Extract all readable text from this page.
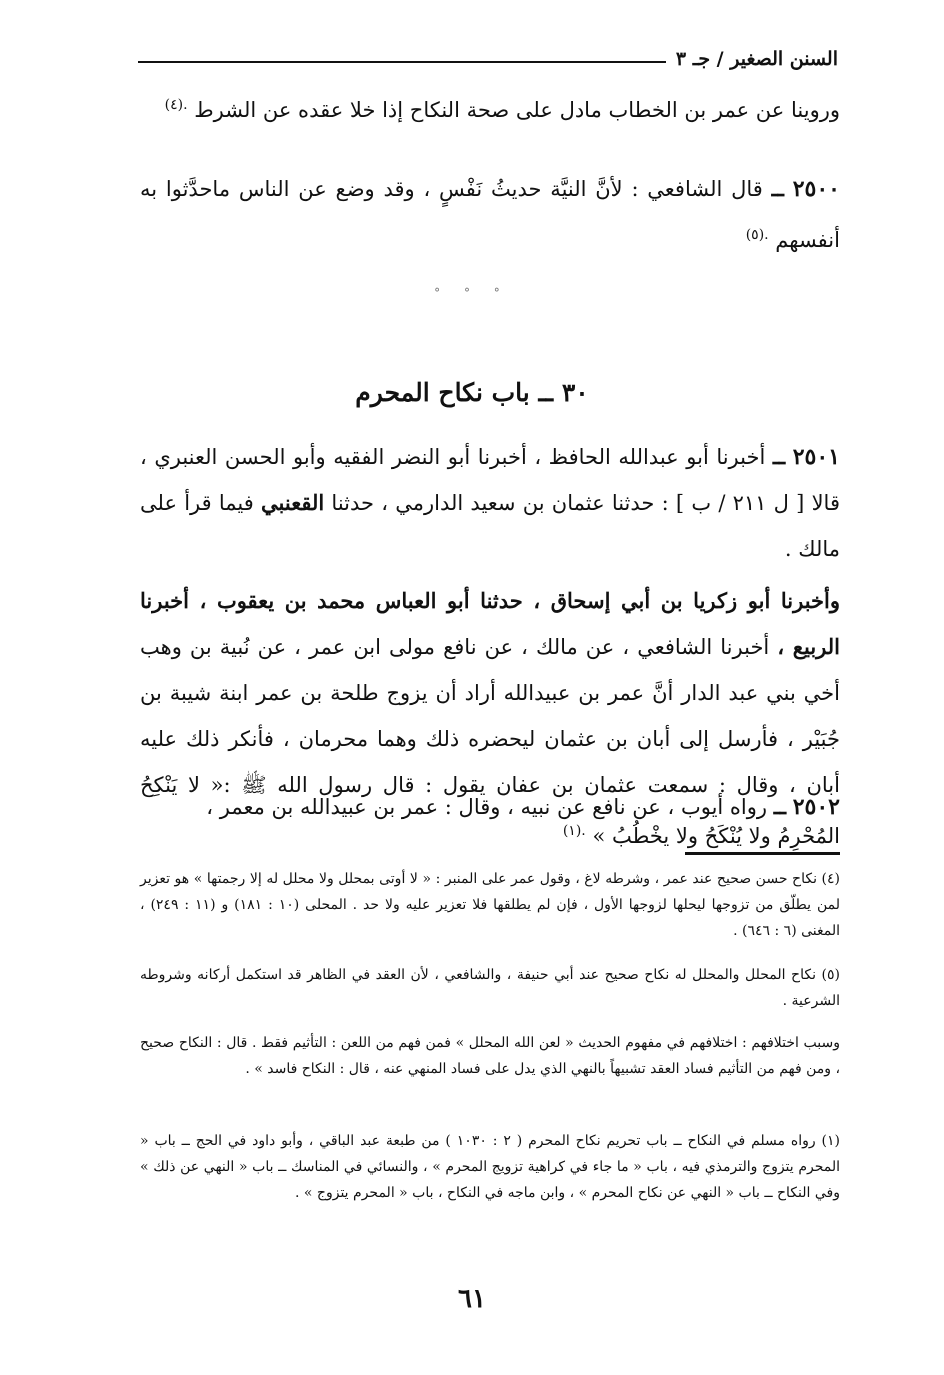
السنن الصغير / جـ ٣
وروينا عن عمر بن الخطاب مادل على صحة النكاح إذا خلا عقده عن الشرط $^{.(٤)}$
٢٥٠٠ ــ قال الشافعي : لأنَّ النيَّة حديثُ نَفْسٍ ، وقد وضع عن الناس ماحدَّثوا به أنفسهم $^{.(٥)}$
° ° °
٣٠ ــ باب نكاح المحرم
٢٥٠١ ــ أخبرنا أبو عبدالله الحافظ ، أخبرنا أبو النضر الفقيه وأبو الحسن العنبري ، قالا [ ل ٢١١ / ب ] : حدثنا عثمان بن سعيد الدارمي ، حدثنا القعنبي فيما قرأ على مالك .
وأخبرنا أبو زكريا بن أبي إسحاق ، حدثنا أبو العباس محمد بن يعقوب ، أخبرنا الربيع ، أخبرنا الشافعي ، عن مالك ، عن نافع مولى ابن عمر ، عن نُبية بن وهب أخي بني عبد الدار أنَّ عمر بن عبيدالله أراد أن يزوج طلحة بن عمر ابنة شيبة بن جُبَيْر ، فأرسل إلى أبان بن عثمان ليحضره ذلك وهما محرمان ، فأنكر ذلك عليه أبان ، وقال : سمعت عثمان بن عفان يقول : قال رسول الله ﷺ :« لا يَنْكِحُ المُحْرِمُ ولا يُنْكَحُ ولا يخْطُبُ » $^{.(١)}$
٢٥٠٢ ــ رواه أيوب ، عن نافع عن نبيه ، وقال : عمر بن عبيدالله بن معمر ،
(٤) نكاح حسن صحيح عند عمر ، وشرطه لاغ ، وقول عمر على المنبر : « لا أوتى بمحلل ولا محلل له إلا رجمتها » هو تعزير لمن يطلّق من تزوجها ليحلها لزوجها الأول ، فإن لم يطلقها فلا تعزير عليه ولا حد . المحلى (١٠ : ١٨١) و (١١ : ٢٤٩) ، المغنى (٦ : ٦٤٦) .
(٥) نكاح المحلل والمحلل له نكاح صحيح عند أبي حنيفة ، والشافعي ، لأن العقد في الظاهر قد استكمل أركانه وشروطه الشرعية .
وسبب اختلافهم : اختلافهم في مفهوم الحديث « لعن الله المحلل » فمن فهم من اللعن : التأثيم فقط . قال : النكاح صحيح ، ومن فهم من التأثيم فساد العقد تشبيهاً بالنهي الذي يدل على فساد المنهي عنه ، قال : النكاح فاسد » .
(١) رواه مسلم في النكاح ــ باب تحريم نكاح المحرم ( ٢ : ١٠٣٠ ) من طبعة عبد الباقي ، وأبو داود في الحج ــ باب « المحرم يتزوج والترمذي فيه ، باب « ما جاء في كراهية تزويج المحرم » ، والنسائي في المناسك ــ باب « النهي عن ذلك » وفي النكاح ــ باب « النهي عن نكاح المحرم » ، وابن ماجه في النكاح ، باب « المحرم يتزوج » .
٦١
